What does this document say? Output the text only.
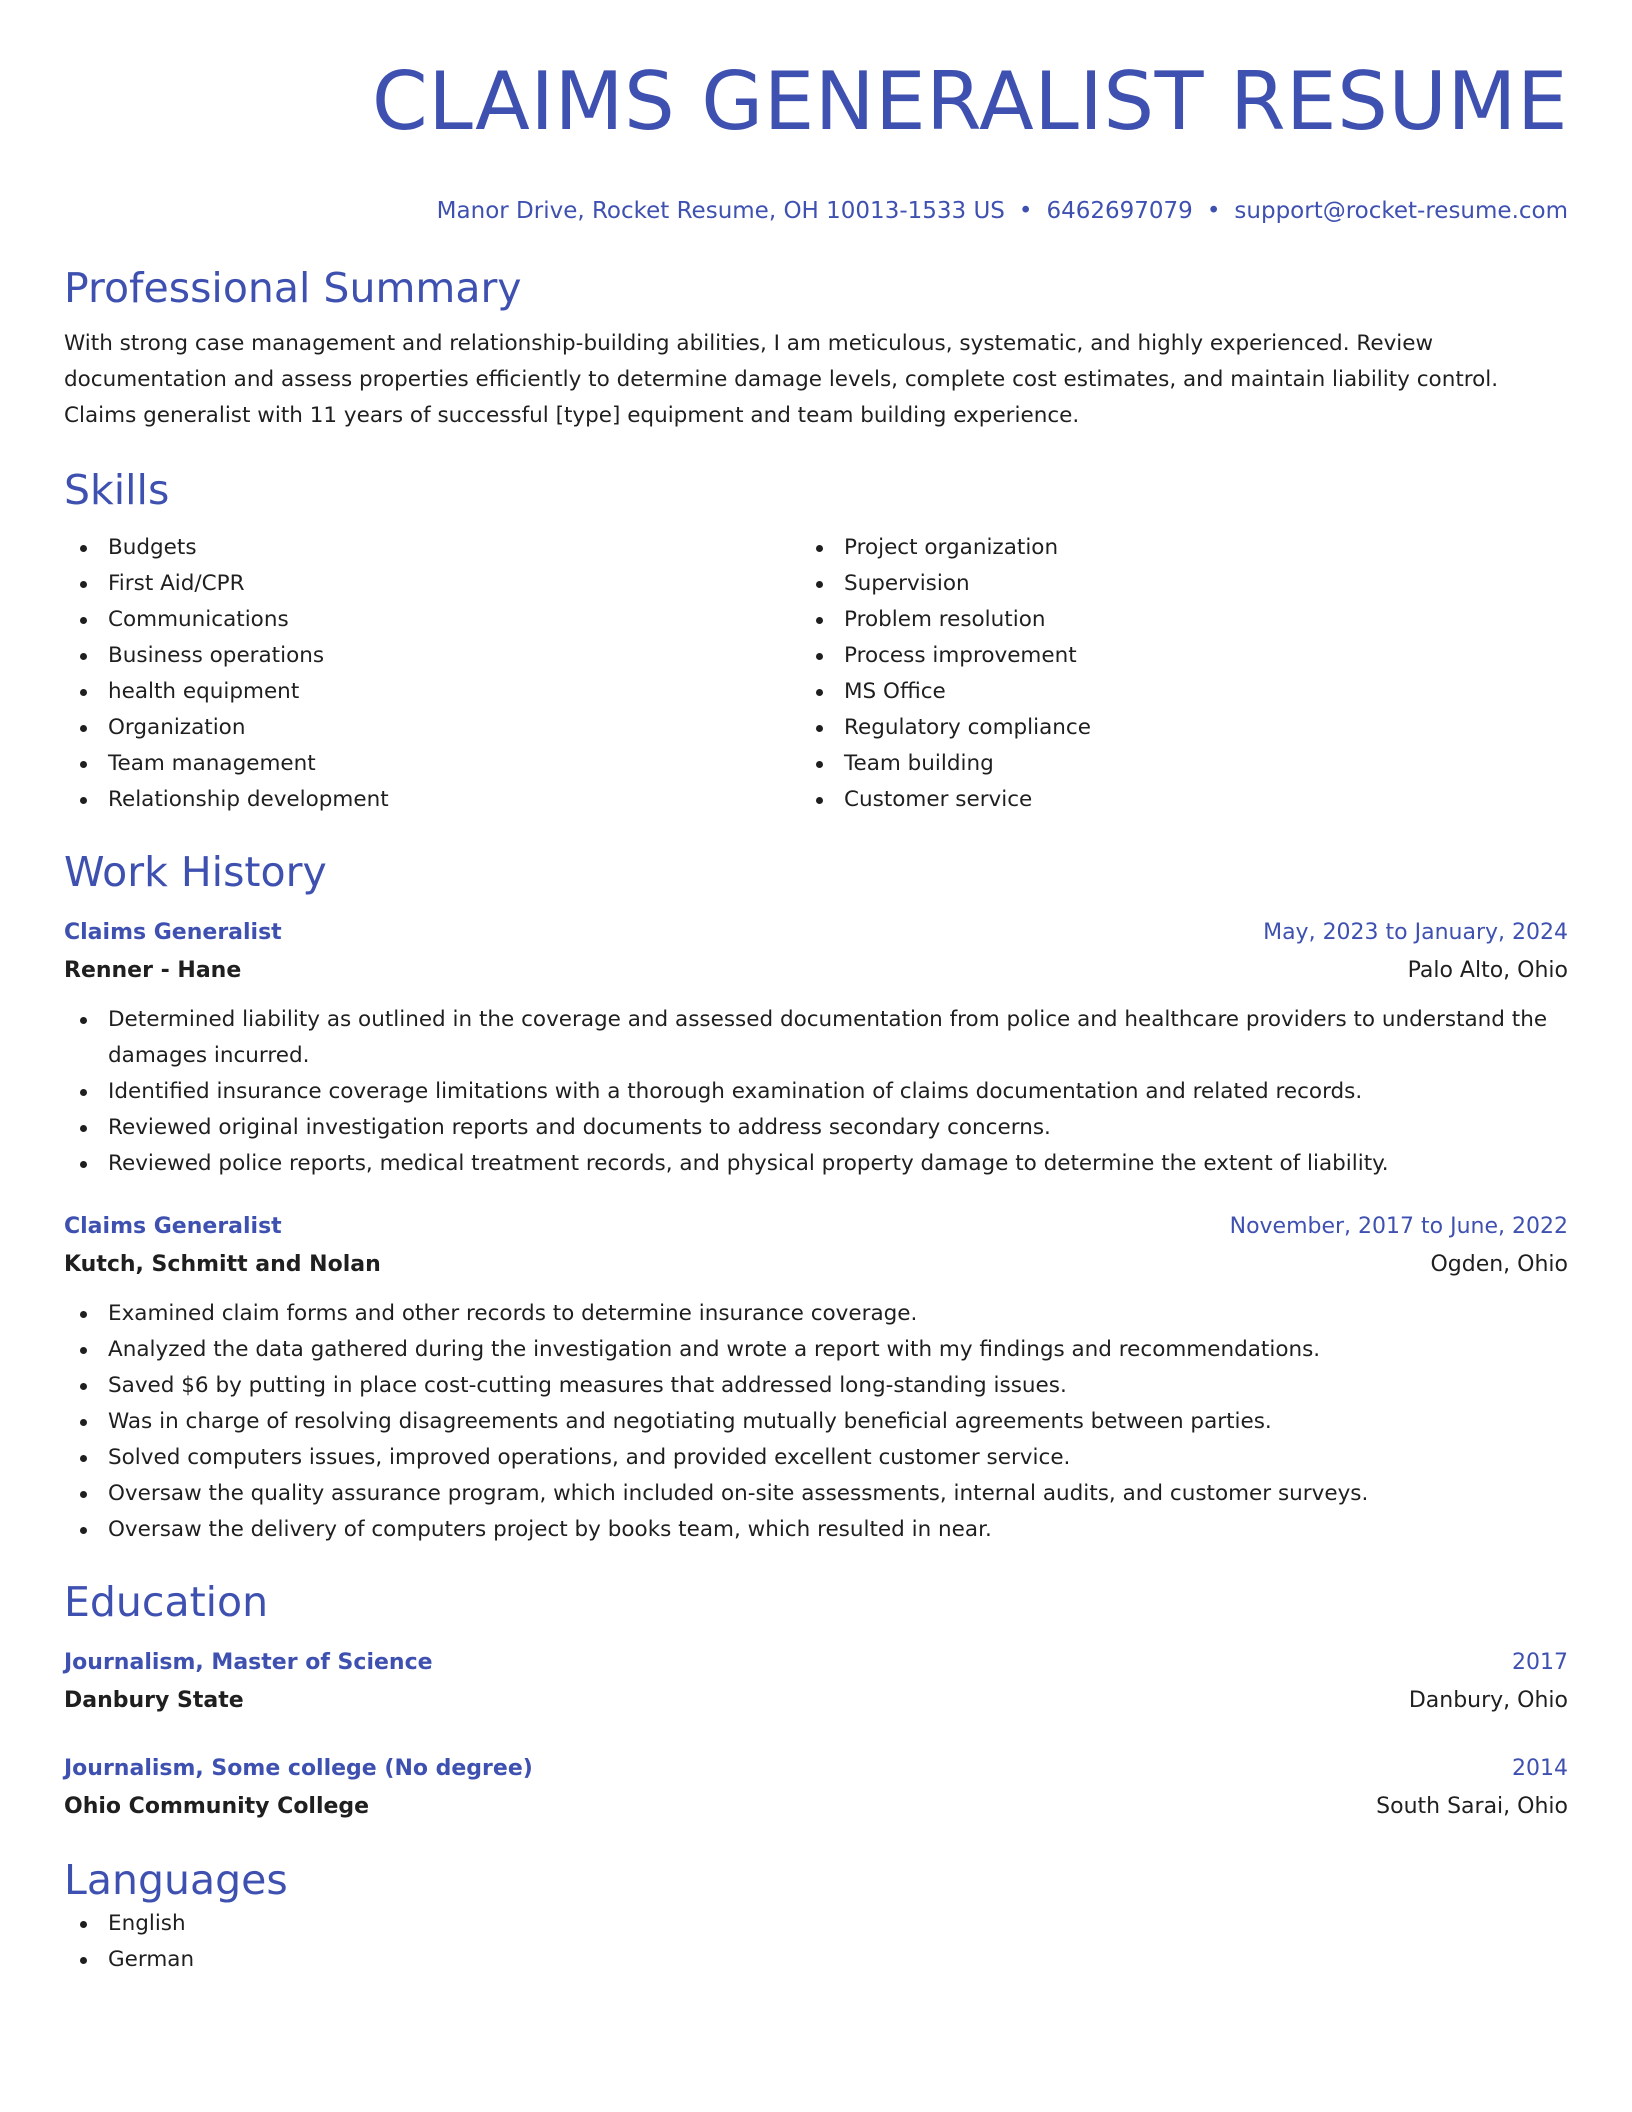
CLAIMS GENERALIST RESUME
Manor Drive, Rocket Resume, OH 10013-1533 US • 6462697079 • support@rocket-resume.com
Professional Summary
With strong case management and relationship-building abilities, I am meticulous, systematic, and highly experienced. Review documentation and assess properties efficiently to determine damage levels, complete cost estimates, and maintain liability control. Claims generalist with 11 years of successful [type] equipment and team building experience.
Skills
Budgets
First Aid/CPR
Communications
Business operations
health equipment
Organization
Team management
Relationship development
Project organization
Supervision
Problem resolution
Process improvement
MS Office
Regulatory compliance
Team building
Customer service
Work History
Claims Generalist	May, 2023 to January, 2024
Renner - Hane	Palo Alto, Ohio
Determined liability as outlined in the coverage and assessed documentation from police and healthcare providers to understand the damages incurred.
Identified insurance coverage limitations with a thorough examination of claims documentation and related records.
Reviewed original investigation reports and documents to address secondary concerns.
Reviewed police reports, medical treatment records, and physical property damage to determine the extent of liability.
Claims Generalist	November, 2017 to June, 2022
Kutch, Schmitt and Nolan	Ogden, Ohio
Examined claim forms and other records to determine insurance coverage.
Analyzed the data gathered during the investigation and wrote a report with my findings and recommendations.
Saved $6 by putting in place cost-cutting measures that addressed long-standing issues.
Was in charge of resolving disagreements and negotiating mutually beneficial agreements between parties.
Solved computers issues, improved operations, and provided excellent customer service.
Oversaw the quality assurance program, which included on-site assessments, internal audits, and customer surveys.
Oversaw the delivery of computers project by books team, which resulted in near.
Education
Journalism, Master of Science	2017
Danbury State	Danbury, Ohio
Journalism, Some college (No degree)	2014
Ohio Community College	South Sarai, Ohio
Languages
English
German
